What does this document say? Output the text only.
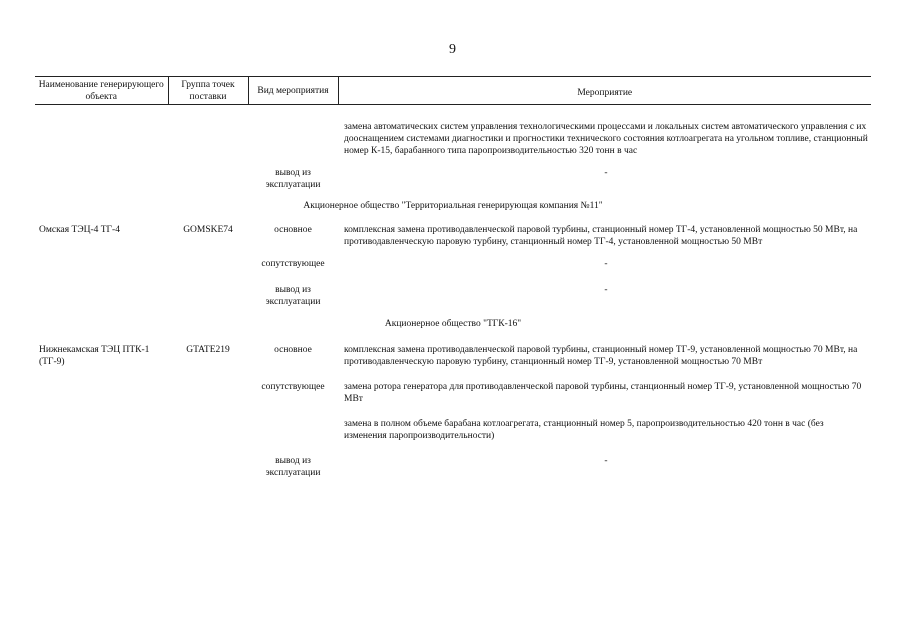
9
Наименование генерирующего объекта	Группа точек поставки	Вид мероприятия	Мероприятие
			замена автоматических систем управления технологическими процессами и локальных систем автоматического управления с их дооснащением системами диагностики и прогностики технического состояния котлоагрегата на угольном топливе, станционный номер К-15, барабанного типа паропроизводительностью 320 тонн в час
		вывод из эксплуатации	-
Акционерное общество "Территориальная генерирующая компания №11"			
Омская ТЭЦ-4 ТГ-4	GOMSKE74	основное	комплексная замена противодавленческой паровой турбины, станционный номер ТГ-4, установленной мощностью 50 МВт, на противодавленческую паровую турбину, станционный номер ТГ-4, установленной мощностью 50 МВт
		сопутствующее	-
		вывод из эксплуатации	-
Акционерное общество "ТГК-16"			
Нижнекамская ТЭЦ ПТК-1 (ТГ-9)	GTATE219	основное	комплексная замена противодавленческой паровой турбины, станционный номер ТГ-9, установленной мощностью 70 МВт, на противодавленческую паровую турбину, станционный номер ТГ-9, установленной мощностью 70 МВт
		сопутствующее	замена ротора генератора для противодавленческой паровой турбины, станционный номер ТГ-9, установленной мощностью 70 МВт
			замена в полном объеме барабана котлоагрегата, станционный номер 5, паропроизводительностью 420 тонн в час (без изменения паропроизводительности)
		вывод из эксплуатации	-
